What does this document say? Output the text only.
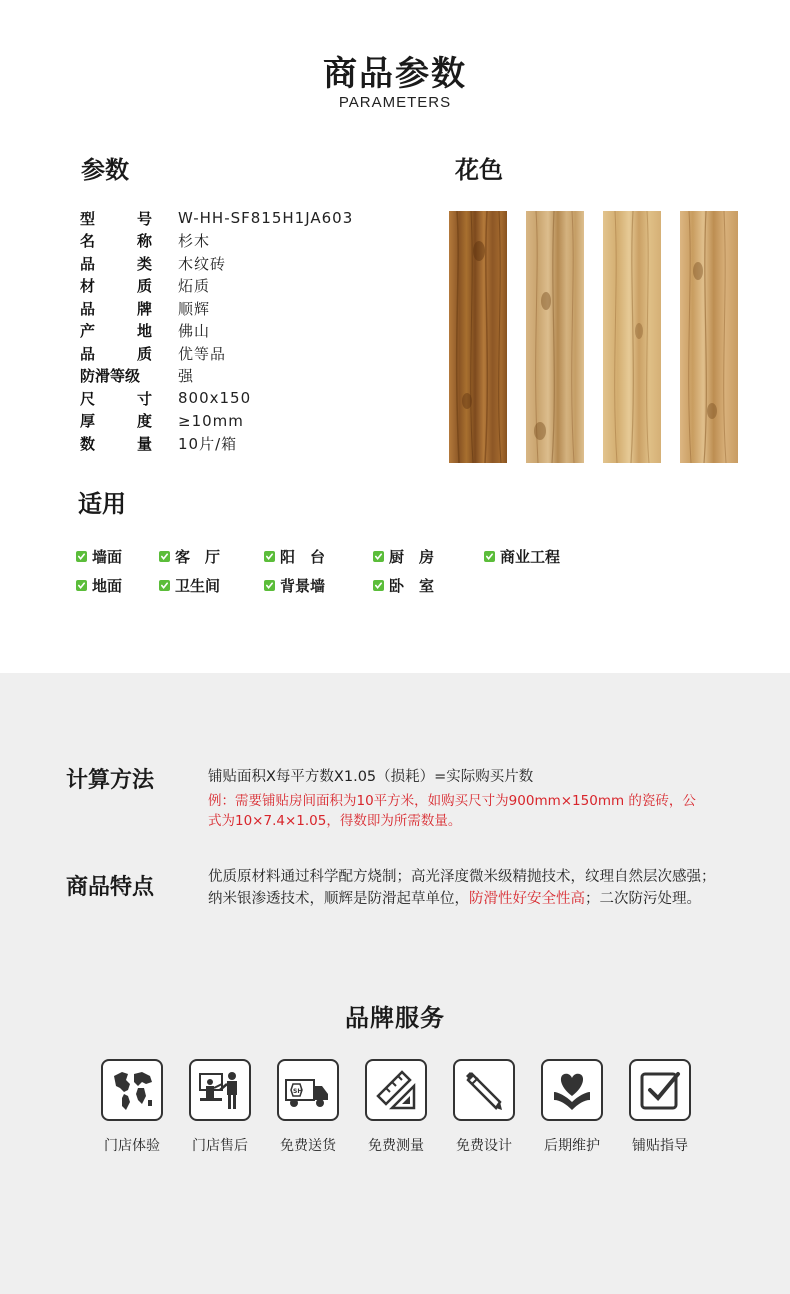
商品参数
PARAMETERS
参数	花色
型	号 W-HH-SF815H1JA603
名	称 杉木
品	类 木纹砖
材	质 炻质
品	牌 顺辉
产	地 佛山
品	质 优等品
防滑等级	强
尺	寸 800x150
厚	度 ≥10mm
数	量 10片/箱
适用
墙面	客　厅	阳　台	厨　房	商业工程
地面	卫生间	背景墙	卧　室
计算方法	铺贴面积X每平方数X1.05（损耗）=实际购买片数
例：需要铺贴房间面积为10平方米，如购买尺寸为900mm×150mm 的瓷砖，公式为10×7.4×1.05，得数即为所需数量。
商品特点	优质原材料通过科学配方烧制；高光泽度微米级精抛技术，纹理自然层次感强；纳米银渗透技术，顺辉是防滑起草单位，防滑性好安全性高；二次防污处理。
品牌服务
门店体验 门店售后
SH
免费送货 免费测量 免费设计 后期维护 铺贴指导
